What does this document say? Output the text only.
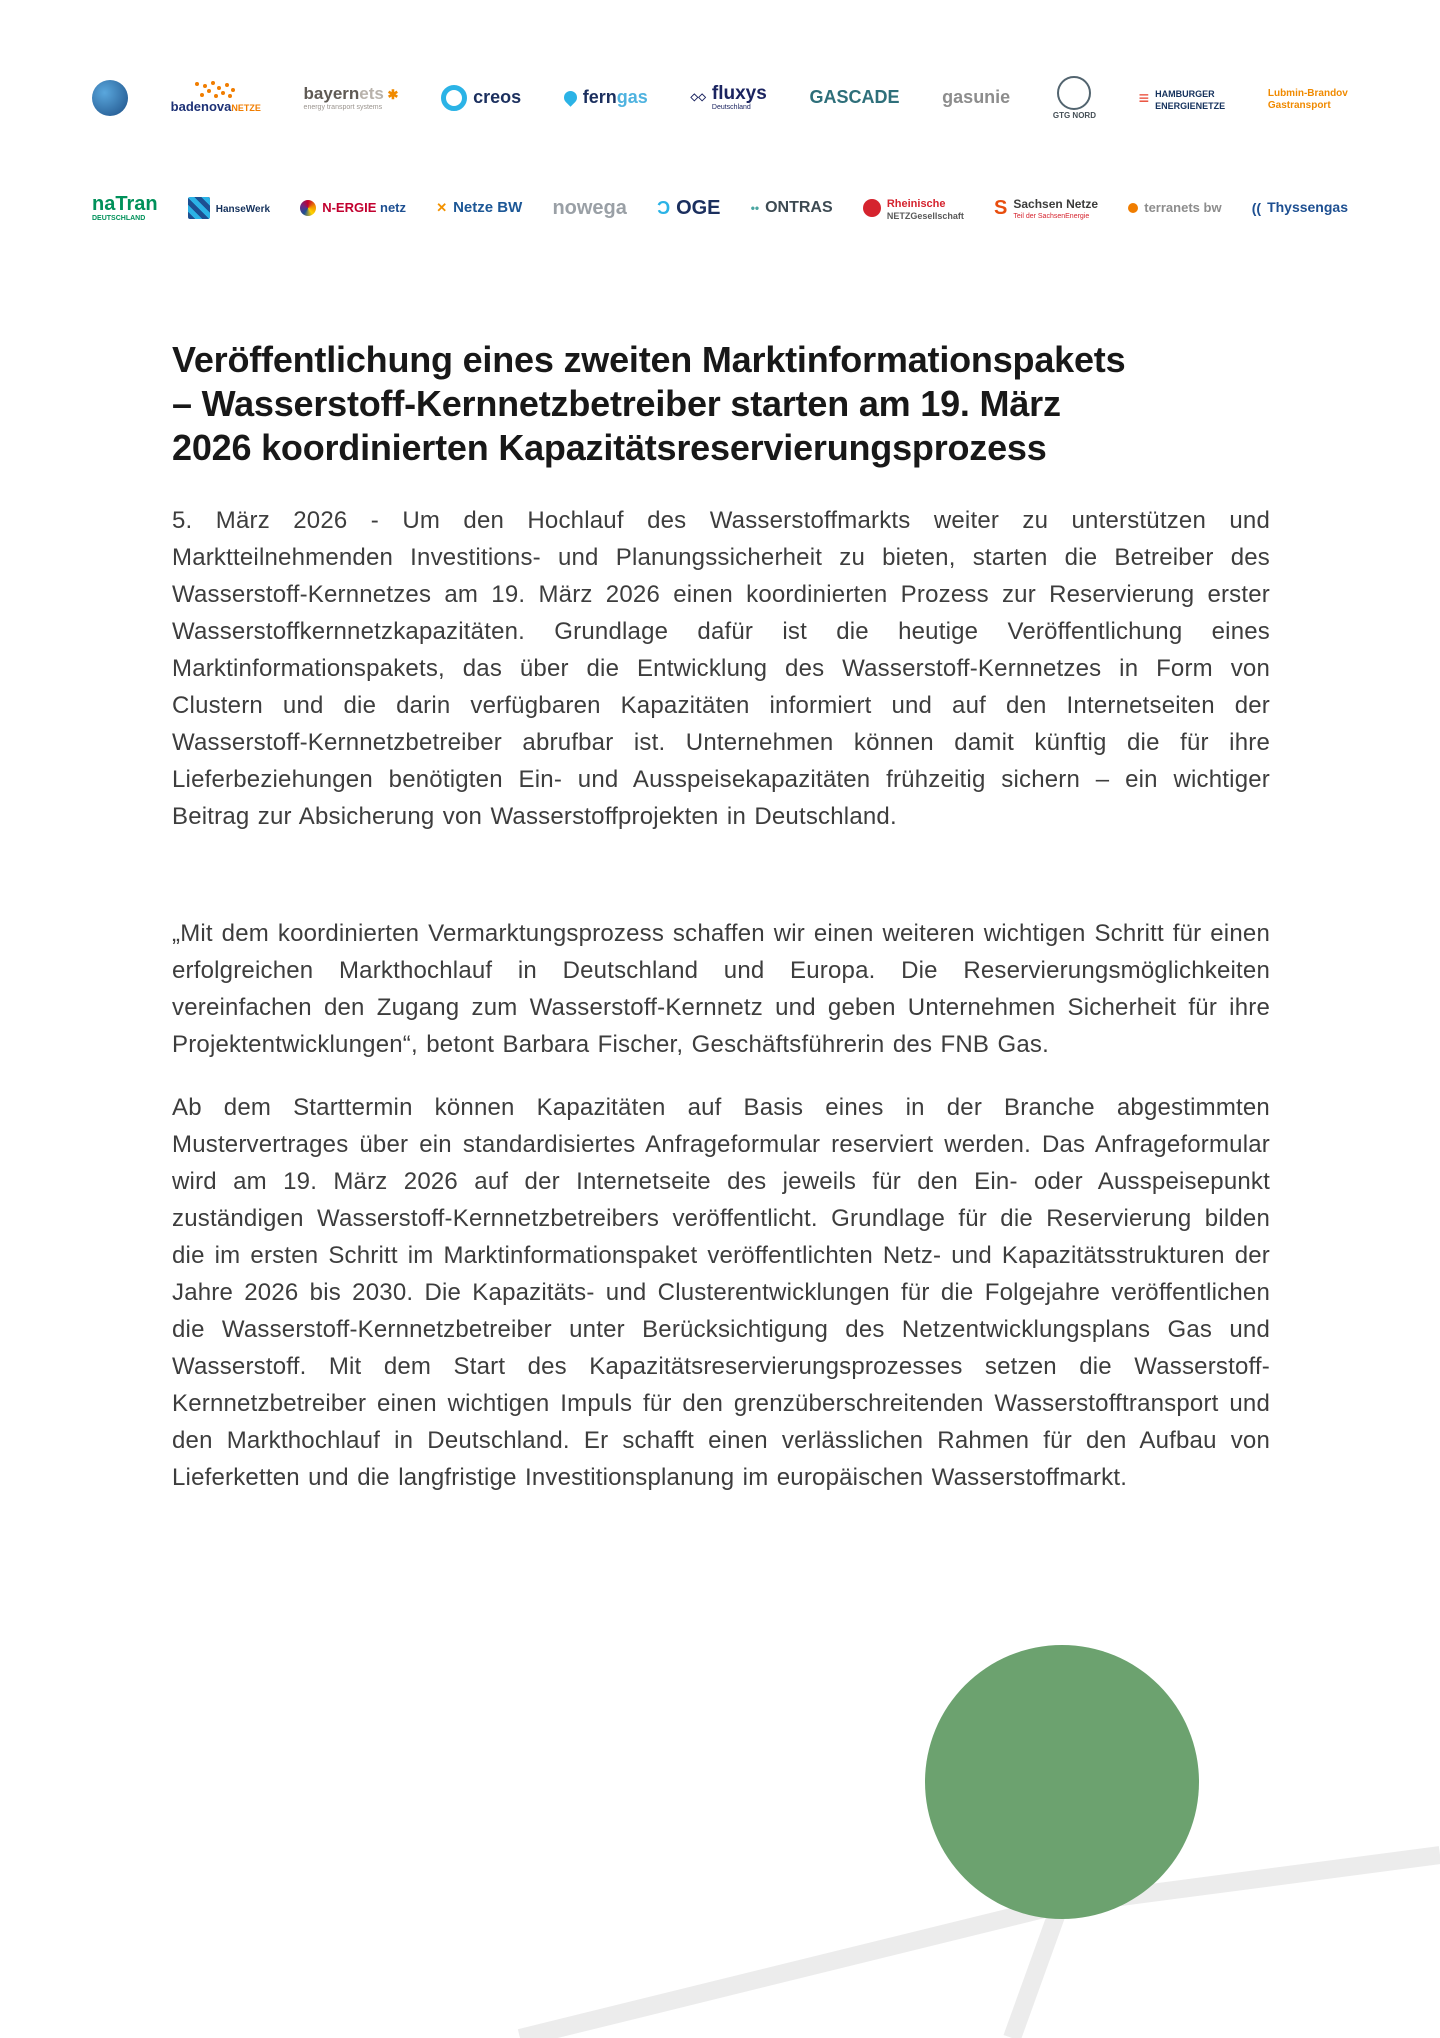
badenovaNETZE
bayernets ✱
energy transport systems
creos	ferngas	◇◇ fluxys
Deutschland
GASCADE gasunie
GTG NORD
≡ HAMBURGER
ENERGIENETZE
Lubmin-Brandov
Gastransport
naTran
DEUTSCHLAND
HanseWerk	N-ERGIE netz ✕ Netze BW nowega Ɔ OGE	•• ONTRAS	Rheinische
NETZGesellschaft S Sachsen Netze
Teil der SachsenEnergie
terranets bw (( Thyssengas
Veröffentlichung eines zweiten Marktinformationspakets
– Wasserstoff-Kernnetzbetreiber starten am 19. März
2026 koordinierten Kapazitätsreservierungsprozess

5. März 2026 - Um den Hochlauf des Wasserstoffmarkts weiter zu unterstützen und Marktteilnehmenden Investitions- und Planungssicherheit zu bieten, starten die Betreiber des Wasserstoff-Kernnetzes am 19. März 2026 einen koordinierten Prozess zur Reservierung erster Wasserstoffkernnetzkapazitäten. Grundlage dafür ist die heutige Veröffentlichung eines Marktinformationspakets, das über die Entwicklung des Wasserstoff-Kernnetzes in Form von Clustern und die darin verfügbaren Kapazitäten informiert und auf den Internetseiten der Wasserstoff-Kernnetzbetreiber abrufbar ist. Unternehmen können damit künftig die für ihre Lieferbeziehungen benötigten Ein- und Ausspeisekapazitäten frühzeitig sichern – ein wichtiger Beitrag zur Absicherung von Wasserstoffprojekten in Deutschland.

„Mit dem koordinierten Vermarktungsprozess schaffen wir einen weiteren wichtigen Schritt für einen erfolgreichen Markthochlauf in Deutschland und Europa. Die Reservierungsmöglichkeiten vereinfachen den Zugang zum Wasserstoff-Kernnetz und geben Unternehmen Sicherheit für ihre Projektentwicklungen“, betont Barbara Fischer, Geschäftsführerin des FNB Gas.

Ab dem Starttermin können Kapazitäten auf Basis eines in der Branche abgestimmten Mustervertrages über ein standardisiertes Anfrageformular reserviert werden. Das Anfrageformular wird am 19. März 2026 auf der Internetseite des jeweils für den Ein- oder Ausspeisepunkt zuständigen Wasserstoff-Kernnetzbetreibers veröffentlicht. Grundlage für die Reservierung bilden die im ersten Schritt im Marktinformationspaket veröffentlichten Netz- und Kapazitätsstrukturen der Jahre 2026 bis 2030. Die Kapazitäts- und Clusterentwicklungen für die Folgejahre veröffentlichen die Wasserstoff-Kernnetzbetreiber unter Berücksichtigung des Netzentwicklungsplans Gas und Wasserstoff. Mit dem Start des Kapazitätsreservierungsprozesses setzen die Wasserstoff-Kernnetzbetreiber einen wichtigen Impuls für den grenzüberschreitenden Wasserstofftransport und den Markthochlauf in Deutschland. Er schafft einen verlässlichen Rahmen für den Aufbau von Lieferketten und die langfristige Investitionsplanung im europäischen Wasserstoffmarkt.
